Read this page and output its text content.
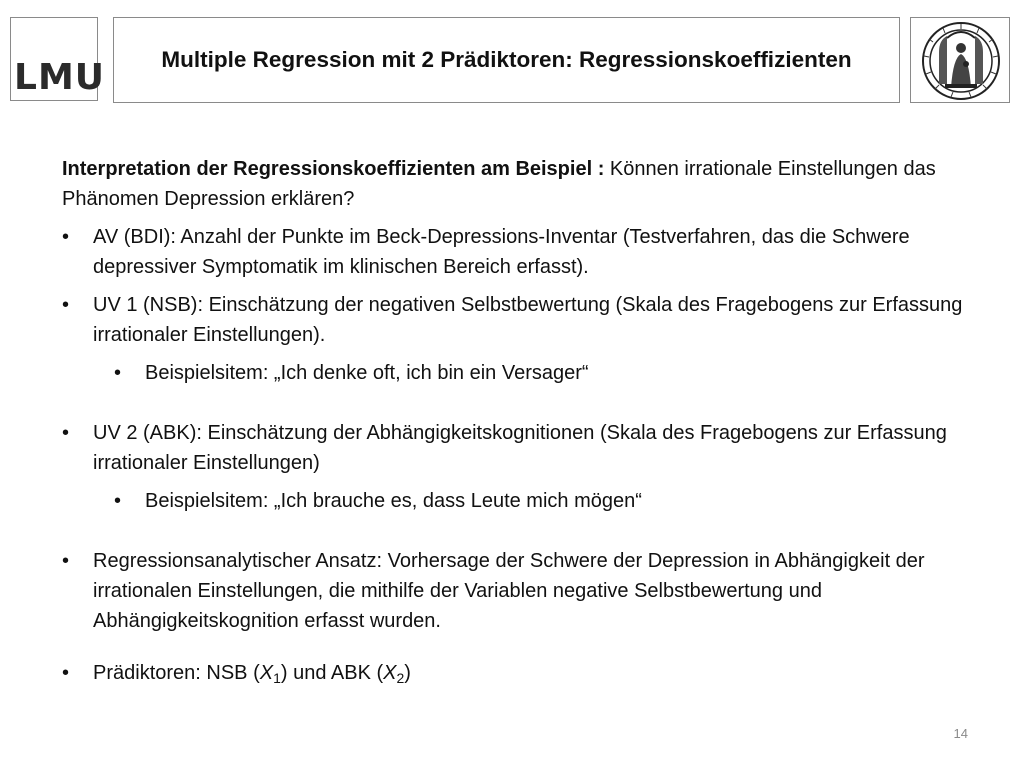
LMU	Multiple Regression mit 2 Prädiktoren: Regressionskoeffizienten

Interpretation der Regressionskoeffizienten am Beispiel : Können irrationale Einstellungen das Phänomen Depression erklären?

• AV (BDI): Anzahl der Punkte im Beck-Depressions-Inventar (Testverfahren, das die Schwere depressiver Symptomatik im klinischen Bereich erfasst).
• UV 1 (NSB): Einschätzung der negativen Selbstbewertung (Skala des Fragebogens zur Erfassung irrationaler Einstellungen).
• Beispielsitem: „Ich denke oft, ich bin ein Versager“
• UV 2 (ABK): Einschätzung der Abhängigkeitskognitionen (Skala des Fragebogens zur Erfassung irrationaler Einstellungen)
• Beispielsitem: „Ich brauche es, dass Leute mich mögen“
• Regressionsanalytischer Ansatz: Vorhersage der Schwere der Depression in Abhängigkeit der irrationalen Einstellungen, die mithilfe der Variablen negative Selbstbewertung und Abhängigkeitskognition erfasst wurden.
• Prädiktoren: NSB $(X_1)$ und ABK $(X_2)$
14
